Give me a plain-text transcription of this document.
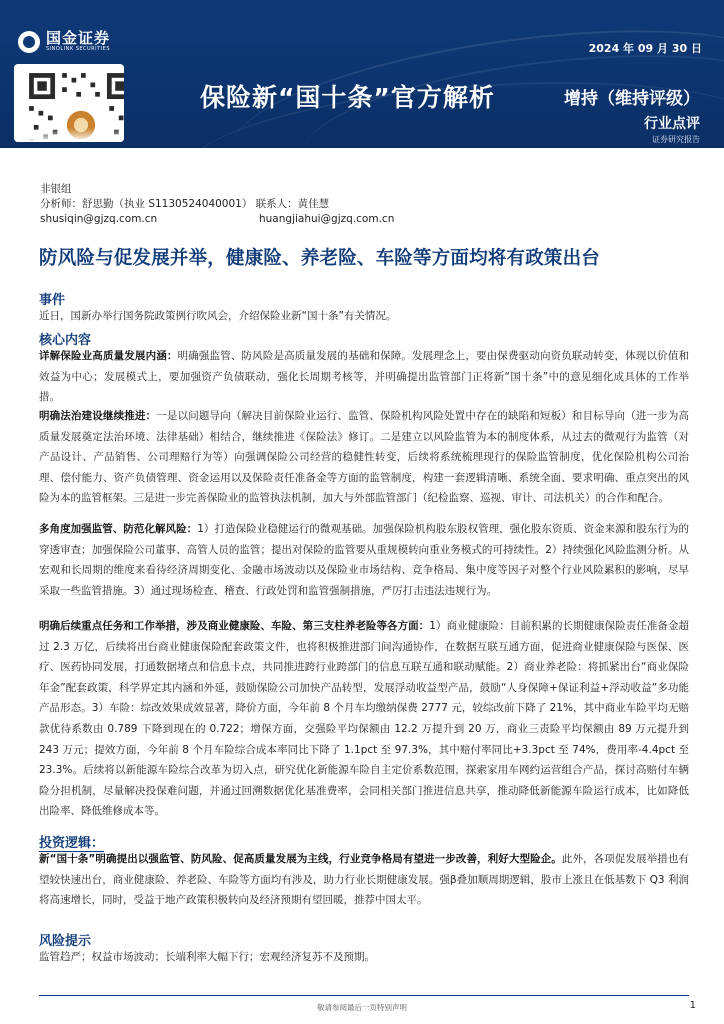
国金证券
SINOLINK SECURITIES	2024 年 09 月 30 日
保险新“国十条”官方解析	增持（维持评级）
行业点评
证券研究报告
非银组
分析师：舒思勤（执业 S1130524040001） 联系人：黄佳慧
shusiqin@gjzq.com.cn	huangjiahui@gjzq.com.cn
防风险与促发展并举，健康险、养老险、车险等方面均将有政策出台
事件
近日，国新办举行国务院政策例行吹风会，介绍保险业新“国十条”有关情况。
核心内容
详解保险业高质量发展内涵：明确强监管、防风险是高质量发展的基础和保障。发展理念上，要由保费驱动向资负联动转变，体现以价值和效益为中心；发展模式上，要加强资产负债联动，强化长周期考核等，并明确提出监管部门正将新“国十条”中的意见细化成具体的工作举措。
明确法治建设继续推进：一是以问题导向（解决目前保险业运行、监管、保险机构风险处置中存在的缺陷和短板）和目标导向（进一步为高质量发展奠定法治环境、法律基础）相结合，继续推进《保险法》修订。二是建立以风险监管为本的制度体系，从过去的微观行为监管（对产品设计、产品销售、公司理赔行为等）向强调保险公司经营的稳健性转变，后续将系统梳理现行的保险监管制度，优化保险机构公司治理、偿付能力、资产负债管理、资金运用以及保险责任准备金等方面的监管制度，构建一套逻辑清晰、系统全面、要求明确、重点突出的风险为本的监管框架。三是进一步完善保险业的监管执法机制，加大与外部监管部门（纪检监察、巡视、审计、司法机关）的合作和配合。
多角度加强监管、防范化解风险：1）打造保险业稳健运行的微观基础。加强保险机构股东股权管理，强化股东资质、资金来源和股东行为的穿透审查；加强保险公司董事、高管人员的监管；提出对保险的监管要从重规模转向重业务模式的可持续性。2）持续强化风险监测分析。从宏观和长周期的维度来看待经济周期变化、金融市场波动以及保险业市场结构、竞争格局、集中度等因子对整个行业风险累积的影响，尽早采取一些监管措施。3）通过现场检查、稽查、行政处罚和监管强制措施，严厉打击违法违规行为。
明确后续重点任务和工作举措，涉及商业健康险、车险、第三支柱养老险等各方面：1）商业健康险：目前积累的长期健康保险责任准备金超过 2.3 万亿，后续将出台商业健康保险配套政策文件，也将积极推进部门间沟通协作，在数据互联互通方面，促进商业健康保险与医保、医疗、医药协同发展，打通数据堵点和信息卡点，共同推进跨行业跨部门的信息互联互通和联动赋能。2）商业养老险：将抓紧出台“商业保险年金”配套政策，科学界定其内涵和外延，鼓励保险公司加快产品转型，发展浮动收益型产品，鼓励“人身保障+保证利益+浮动收益”多功能产品形态。3）车险：综改效果成效显著，降价方面，今年前 8 个月车均缴纳保费 2777 元，较综改前下降了 21%，其中商业车险平均无赔款优待系数由 0.789 下降到现在的 0.722；增保方面，交强险平均保额由 12.2 万提升到 20 万，商业三责险平均保额由 89 万元提升到 243 万元；提效方面，今年前 8 个月车险综合成本率同比下降了 1.1pct 至 97.3%，其中赔付率同比+3.3pct 至 74%，费用率-4.4pct 至 23.3%。后续将以新能源车险综合改革为切入点，研究优化新能源车险自主定价系数范围，探索家用车网约运营组合产品，探讨高赔付车辆险分担机制，尽量解决投保难问题，并通过回溯数据优化基准费率，会同相关部门推进信息共享，推动降低新能源车险运行成本，比如降低出险率、降低维修成本等。
投资逻辑：
新“国十条”明确提出以强监管、防风险、促高质量发展为主线，行业竞争格局有望进一步改善，利好大型险企。此外，各项促发展举措也有望较快速出台，商业健康险、养老险、车险等方面均有涉及，助力行业长期健康发展。强β叠加顺周期逻辑，股市上涨且在低基数下 Q3 利润将高速增长，同时，受益于地产政策积极转向及经济预期有望回暖，推荐中国太平。
风险提示
监管趋严；权益市场波动；长端利率大幅下行；宏观经济复苏不及预期。
敬请参阅最后一页特别声明	1
